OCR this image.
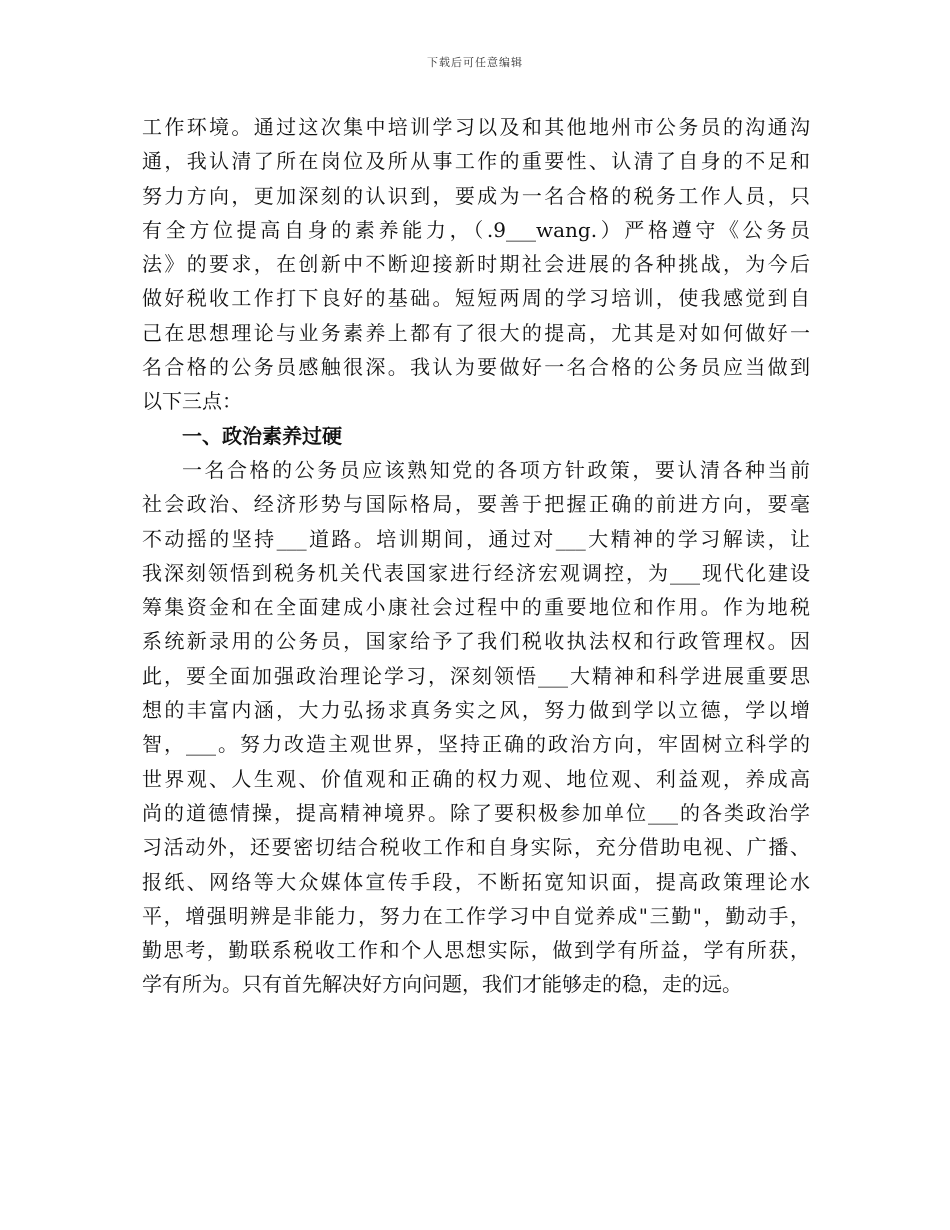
下载后可任意编辑
工作环境。通过这次集中培训学习以及和其他地州市公务员的沟通沟
通，我认清了所在岗位及所从事工作的重要性、认清了自身的不足和
努力方向，更加深刻的认识到，要成为一名合格的税务工作人员，只
有全方位提高自身的素养能力，（.9___wang.）严格遵守《公务员
法》的要求，在创新中不断迎接新时期社会进展的各种挑战，为今后
做好税收工作打下良好的基础。短短两周的学习培训，使我感觉到自
己在思想理论与业务素养上都有了很大的提高，尤其是对如何做好一
名合格的公务员感触很深。我认为要做好一名合格的公务员应当做到
以下三点：
一、政治素养过硬
一名合格的公务员应该熟知党的各项方针政策，要认清各种当前
社会政治、经济形势与国际格局，要善于把握正确的前进方向，要毫
不动摇的坚持___道路。培训期间，通过对___大精神的学习解读，让
我深刻领悟到税务机关代表国家进行经济宏观调控，为___现代化建设
筹集资金和在全面建成小康社会过程中的重要地位和作用。作为地税
系统新录用的公务员，国家给予了我们税收执法权和行政管理权。因
此，要全面加强政治理论学习，深刻领悟___大精神和科学进展重要思
想的丰富内涵，大力弘扬求真务实之风，努力做到学以立德，学以增
智，___。努力改造主观世界，坚持正确的政治方向，牢固树立科学的
世界观、人生观、价值观和正确的权力观、地位观、利益观，养成高
尚的道德情操，提高精神境界。除了要积极参加单位___的各类政治学
习活动外，还要密切结合税收工作和自身实际，充分借助电视、广播、
报纸、网络等大众媒体宣传手段，不断拓宽知识面，提高政策理论水
平，增强明辨是非能力，努力在工作学习中自觉养成"三勤"，勤动手，
勤思考，勤联系税收工作和个人思想实际，做到学有所益，学有所获，
学有所为。只有首先解决好方向问题，我们才能够走的稳，走的远。
